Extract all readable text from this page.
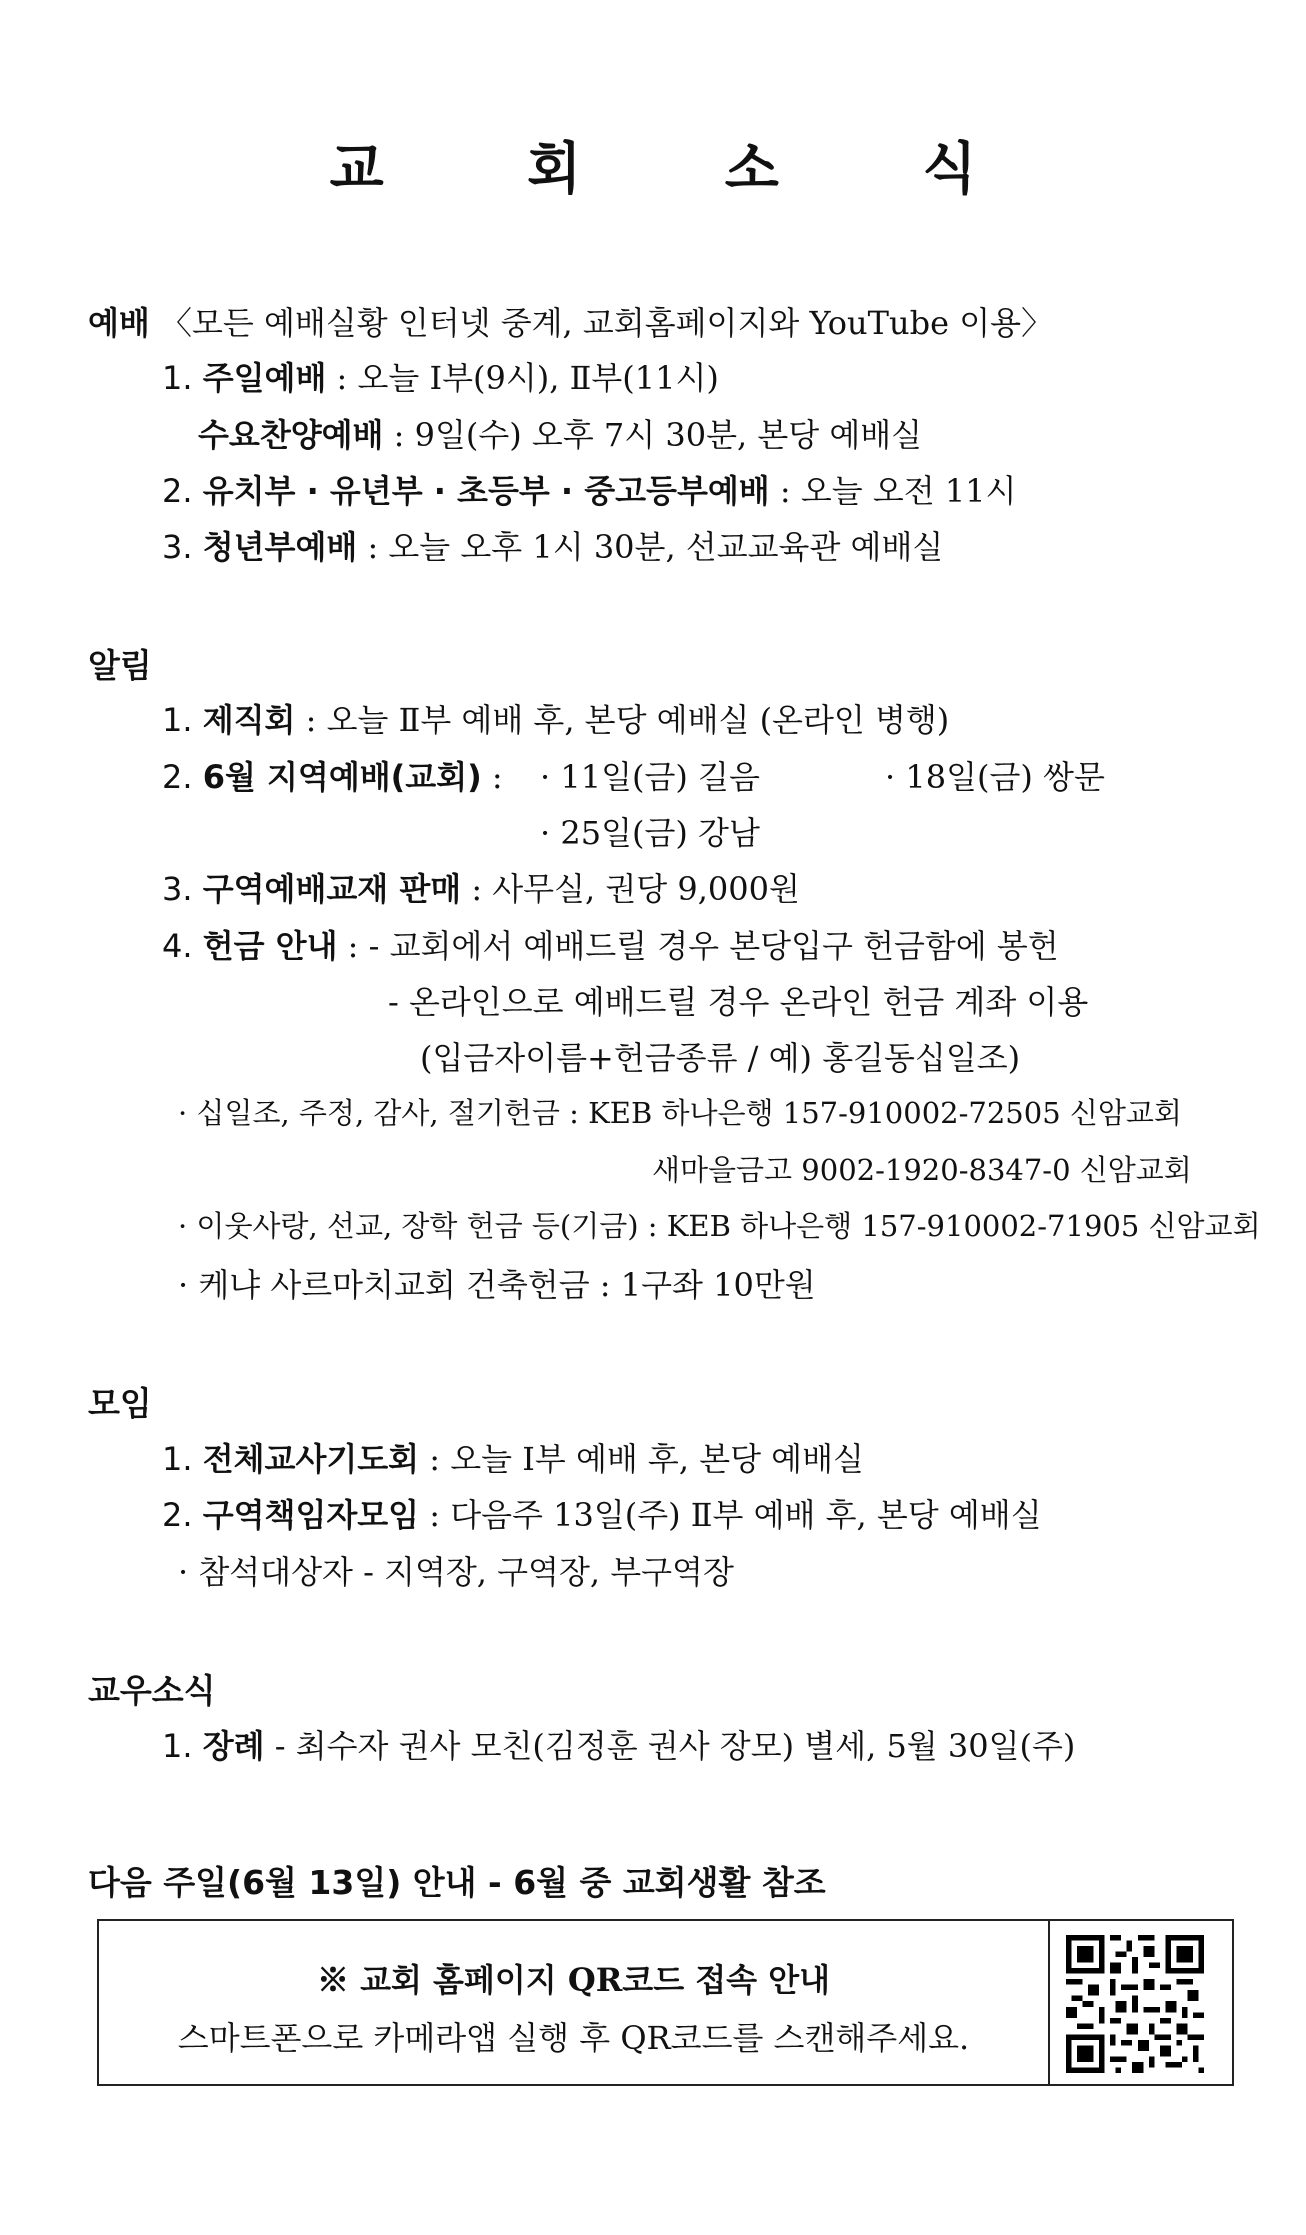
교 회 소 식
예배 〈모든 예배실황 인터넷 중계, 교회홈페이지와 YouTube 이용〉
1. 주일예배 : 오늘 Ⅰ부(9시), Ⅱ부(11시)
수요찬양예배 : 9일(수) 오후 7시 30분, 본당 예배실
2. 유치부 · 유년부 · 초등부 · 중고등부예배 : 오늘 오전 11시
3. 청년부예배 : 오늘 오후 1시 30분, 선교교육관 예배실
알림
1. 제직회 : 오늘 Ⅱ부 예배 후, 본당 예배실 (온라인 병행)
2. 6월 지역예배(교회) : · 11일(금) 길음	· 18일(금) 쌍문
· 25일(금) 강남
3. 구역예배교재 판매 : 사무실, 권당 9,000원
4. 헌금 안내 : - 교회에서 예배드릴 경우 본당입구 헌금함에 봉헌
- 온라인으로 예배드릴 경우 온라인 헌금 계좌 이용
(입금자이름+헌금종류 / 예) 홍길동십일조)
· 십일조, 주정, 감사, 절기헌금 : KEB 하나은행 157-910002-72505 신암교회
새마을금고 9002-1920-8347-0 신암교회
· 이웃사랑, 선교, 장학 헌금 등(기금) : KEB 하나은행 157-910002-71905 신암교회
· 케냐 사르마치교회 건축헌금 : 1구좌 10만원
모임
1. 전체교사기도회 : 오늘 Ⅰ부 예배 후, 본당 예배실
2. 구역책임자모임 : 다음주 13일(주) Ⅱ부 예배 후, 본당 예배실
· 참석대상자 - 지역장, 구역장, 부구역장
교우소식
1. 장례 - 최수자 권사 모친(김정훈 권사 장모) 별세, 5월 30일(주)
다음 주일(6월 13일) 안내 - 6월 중 교회생활 참조
※ 교회 홈페이지 QR코드 접속 안내
스마트폰으로 카메라앱 실행 후 QR코드를 스캔해주세요.
